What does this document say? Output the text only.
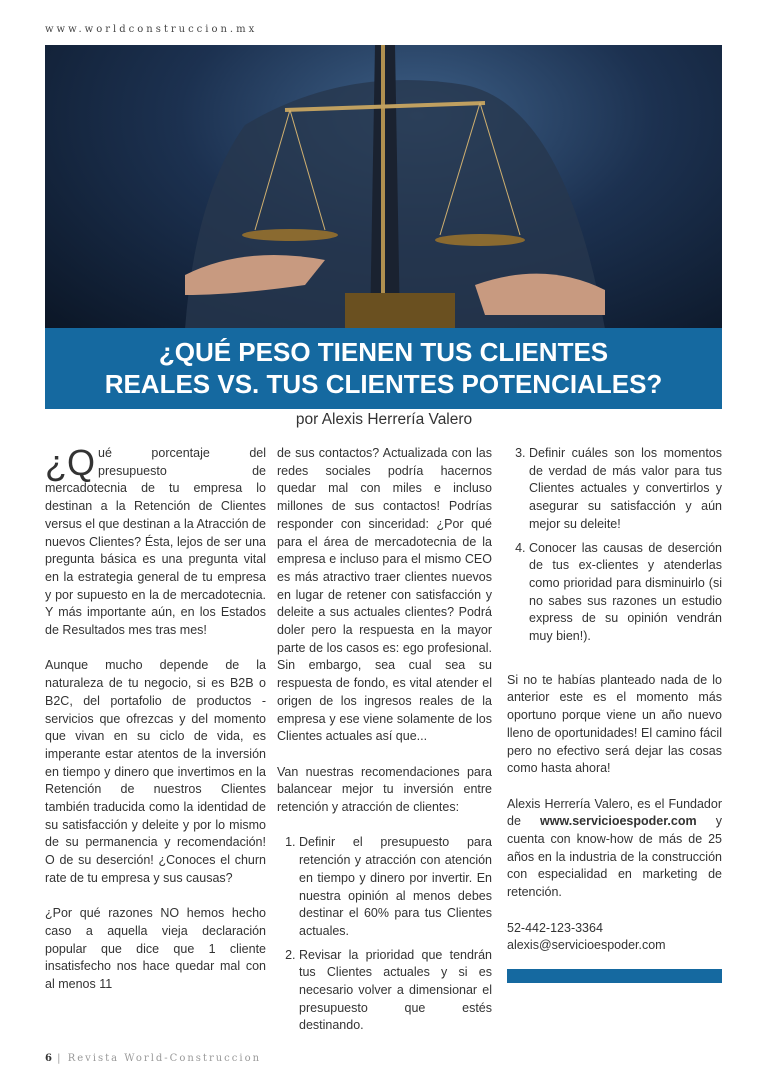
www.worldconstruccion.mx
¿QUÉ PESO TIENEN TUS CLIENTES
REALES VS. TUS CLIENTES POTENCIALES?
por Alexis Herrería Valero

¿Q ué porcentaje del presupuesto de mercadotecnia de tu empresa lo destinan a la Retención de Clientes versus el que destinan a la Atracción de nuevos Clientes? Ésta, lejos de ser una pregunta básica es una pregunta vital en la estrategia general de tu empresa y por supuesto en la de mercadotecnia. Y más importante aún, en los Estados de Resultados mes tras mes!

Aunque mucho depende de la naturaleza de tu negocio, si es B2B o B2C, del portafolio de productos - servicios que ofrezcas y del momento que vivan en su ciclo de vida, es imperante estar atentos de la inversión en tiempo y dinero que invertimos en la Retención de nuestros Clientes también traducida como la identidad de su satisfacción y deleite y por lo mismo de su permanencia y recomendación! O de su deserción! ¿Conoces el churn rate de tu empresa y sus causas?

¿Por qué razones NO hemos hecho caso a aquella vieja declaración popular que dice que 1 cliente insatisfecho nos hace quedar mal con al menos 11

de sus contactos? Actualizada con las redes sociales podría hacernos quedar mal con miles e incluso millones de sus contactos! Podrías responder con sinceridad: ¿Por qué para el área de mercadotecnia de la empresa e incluso para el mismo CEO es más atractivo traer clientes nuevos en lugar de retener con satisfacción y deleite a sus actuales clientes? Podrá doler pero la respuesta en la mayor parte de los casos es: ego profesional. Sin embargo, sea cual sea su respuesta de fondo, es vital atender el origen de los ingresos reales de la empresa y ese viene solamente de los Clientes actuales así que...

Van nuestras recomendaciones para balancear mejor tu inversión entre retención y atracción de clientes:

1. Definir el presupuesto para retención y atracción con atención en tiempo y dinero por invertir. En nuestra opinión al menos debes destinar el 60% para tus Clientes actuales.
2. Revisar la prioridad que tendrán tus Clientes actuales y si es necesario volver a dimensionar el presupuesto que estés destinando.
3. Definir cuáles son los momentos de verdad de más valor para tus Clientes actuales y convertirlos y asegurar su satisfacción y aún mejor su deleite!
4. Conocer las causas de deserción de tus ex-clientes y atenderlas como prioridad para disminuirlo (si no sabes sus razones un estudio express de su opinión vendrán muy bien!).

Si no te habías planteado nada de lo anterior este es el momento más oportuno porque viene un año nuevo lleno de oportunidades! El camino fácil pero no efectivo será dejar las cosas como hasta ahora!

Alexis Herrería Valero, es el Fundador de www.servicioespoder.com y cuenta con know-how de más de 25 años en la industria de la construcción con especialidad en marketing de retención.

52-442-123-3364
alexis@servicioespoder.com
6 | Revista World-Construccion
